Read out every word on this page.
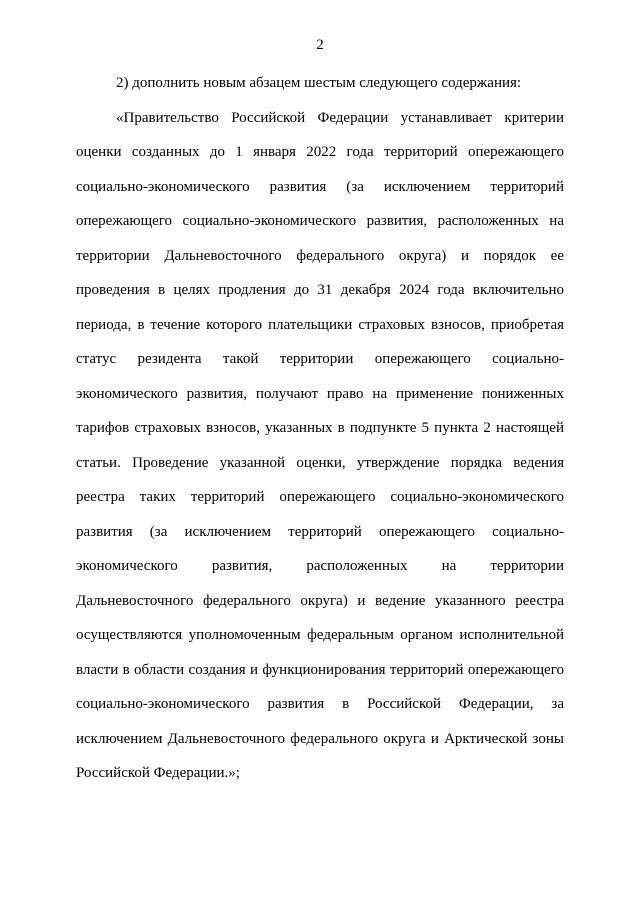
2
2) дополнить новым абзацем шестым следующего содержания:
«Правительство Российской Федерации устанавливает критерии
оценки созданных до 1 января 2022 года территорий опережающего
социально-экономического развития (за исключением территорий
опережающего социально-экономического развития, расположенных на
территории Дальневосточного федерального округа) и порядок ее
проведения в целях продления до 31 декабря 2024 года включительно
периода, в течение которого плательщики страховых взносов, приобретая
статус резидента такой территории опережающего социально-
экономического развития, получают право на применение пониженных
тарифов страховых взносов, указанных в подпункте 5 пункта 2 настоящей
статьи. Проведение указанной оценки, утверждение порядка ведения
реестра таких территорий опережающего социально-экономического
развития (за исключением территорий опережающего социально-
экономического развития, расположенных на территории
Дальневосточного федерального округа) и ведение указанного реестра
осуществляются уполномоченным федеральным органом исполнительной
власти в области создания и функционирования территорий опережающего
социально-экономического развития в Российской Федерации, за
исключением Дальневосточного федерального округа и Арктической зоны
Российской Федерации.»;
